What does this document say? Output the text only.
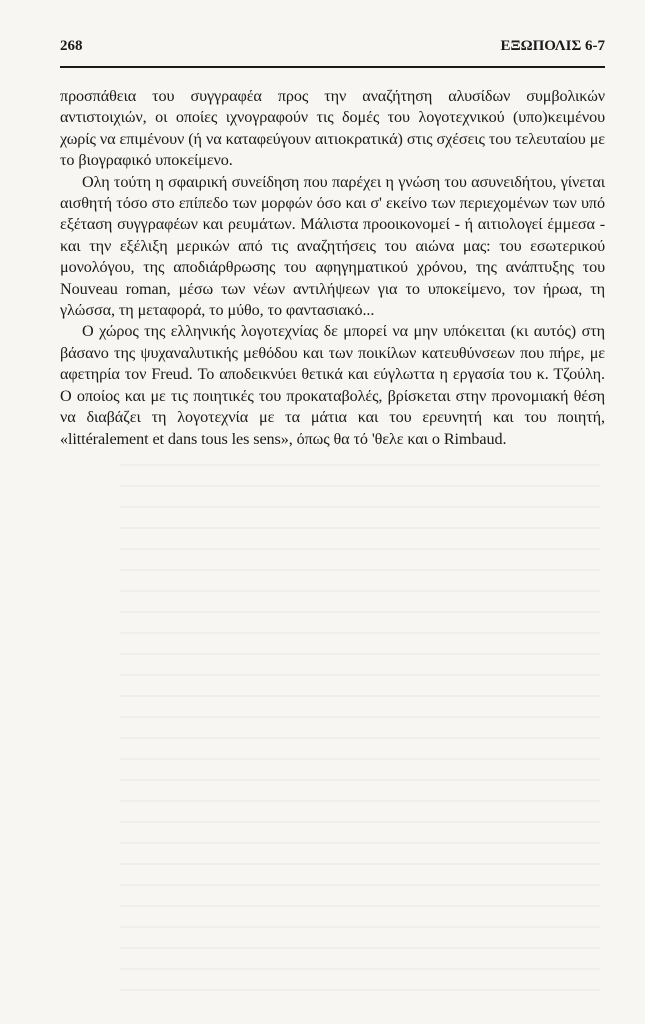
268	ΕΞΩΠΟΛΙΣ 6-7

προσπάθεια του συγγραφέα προς την αναζήτηση αλυσίδων συμβολικών αντιστοιχιών, οι οποίες ιχνογραφούν τις δομές του λογοτεχνικού (υπο)κειμένου χωρίς να επιμένουν (ή να καταφεύγουν αιτιοκρατικά) στις σχέσεις του τελευταίου με το βιογραφικό υποκείμενο.

Ολη τούτη η σφαιρική συνείδηση που παρέχει η γνώση του ασυνειδήτου, γίνεται αισθητή τόσο στο επίπεδο των μορφών όσο και σ' εκείνο των περιεχομένων των υπό εξέταση συγγραφέων και ρευμάτων. Μάλιστα προοικονομεί - ή αιτιολογεί έμμεσα - και την εξέλιξη μερικών από τις αναζητήσεις του αιώνα μας: του εσωτερικού μονολόγου, της αποδιάρθρωσης του αφηγηματικού χρόνου, της ανάπτυξης του Nouveau roman, μέσω των νέων αντιλήψεων για το υποκείμενο, τον ήρωα, τη γλώσσα, τη μεταφορά, το μύθο, το φαντασιακό...

Ο χώρος της ελληνικής λογοτεχνίας δε μπορεί να μην υπόκειται (κι αυτός) στη βάσανο της ψυχαναλυτικής μεθόδου και των ποικίλων κατευθύνσεων που πήρε, με αφετηρία τον Freud. Το αποδεικνύει θετικά και εύγλωττα η εργασία του κ. Τζούλη. Ο οποίος και με τις ποιητικές του προκαταβολές, βρίσκεται στην προνομιακή θέση να διαβάζει τη λογοτεχνία με τα μάτια και του ερευνητή και του ποιητή, «littéralement et dans tous les sens», όπως θα τό 'θελε και ο Rimbaud.
